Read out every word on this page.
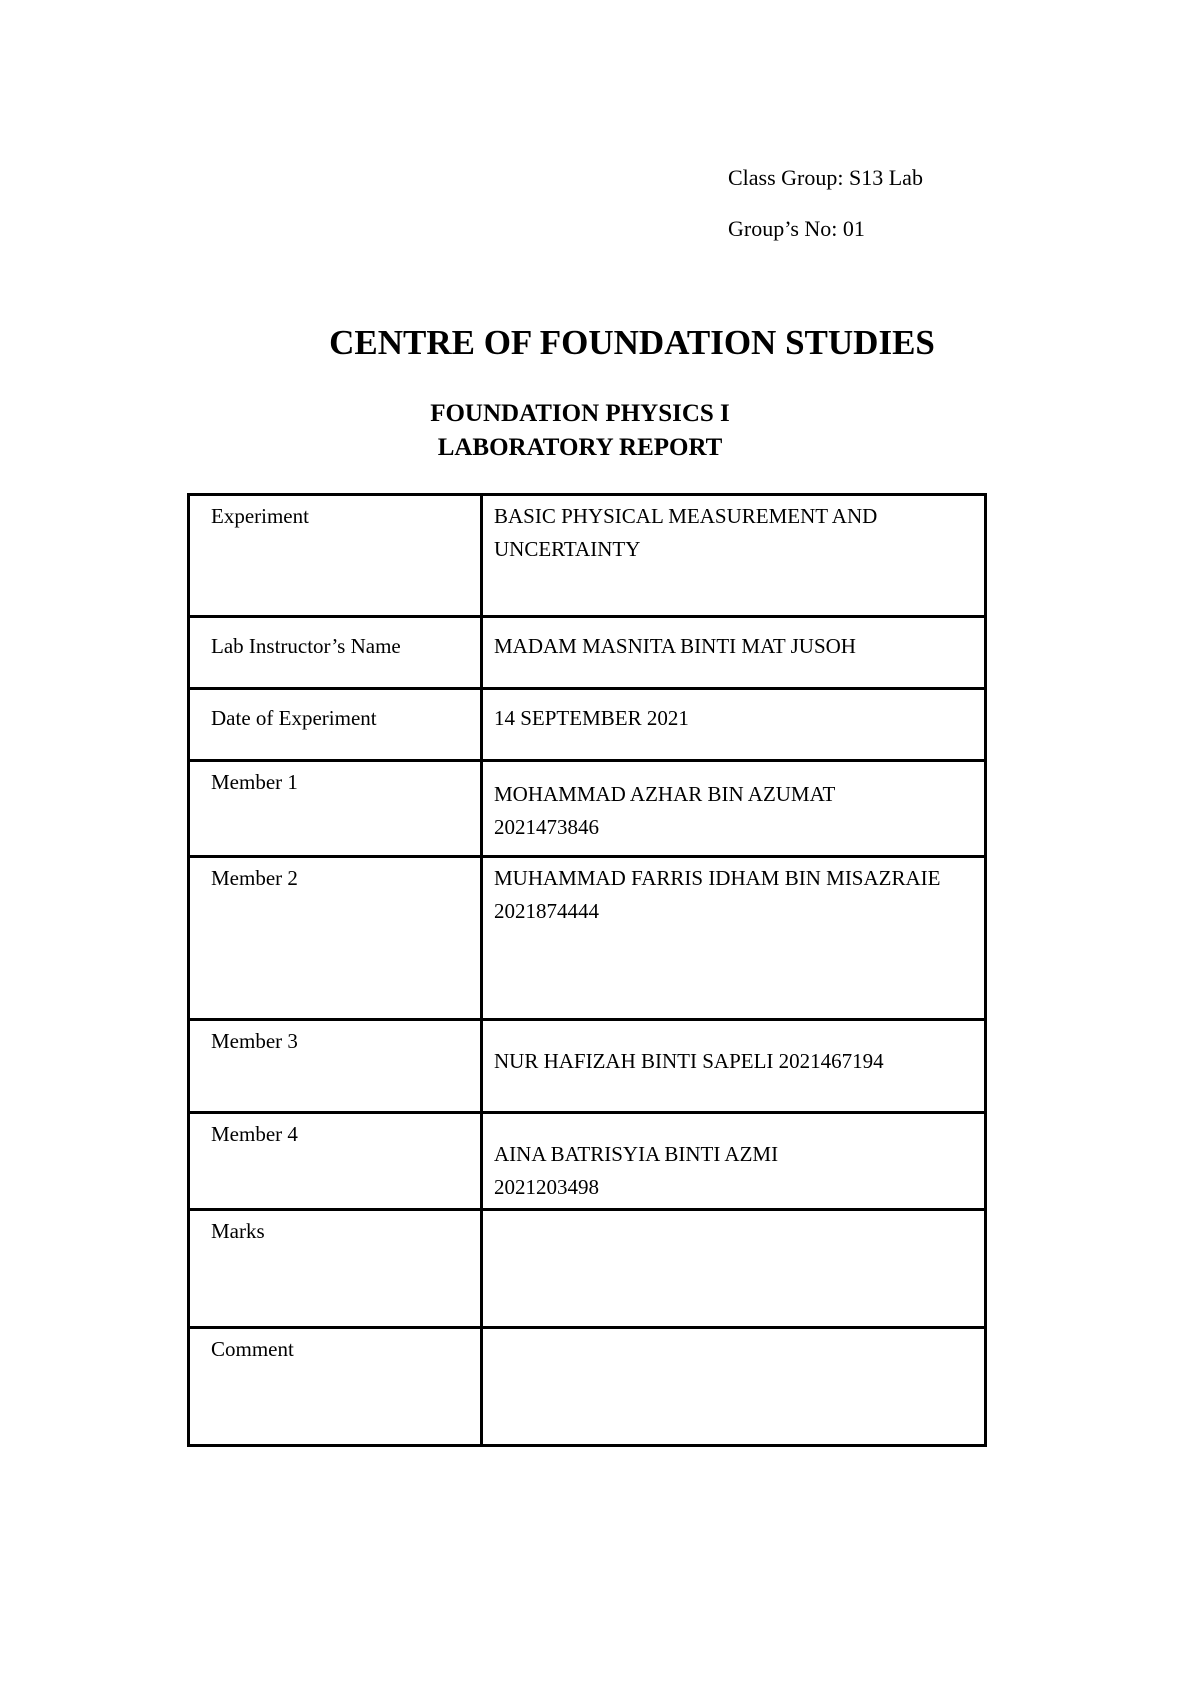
Class Group: S13 Lab
Group’s No: 01
CENTRE OF FOUNDATION STUDIES
FOUNDATION PHYSICS I
LABORATORY REPORT
Experiment	BASIC PHYSICAL MEASUREMENT AND UNCERTAINTY
Lab Instructor’s Name	MADAM MASNITA BINTI MAT JUSOH
Date of Experiment	14 SEPTEMBER 2021
Member 1	MOHAMMAD AZHAR BIN AZUMAT
2021473846

Member 2	MUHAMMAD FARRIS IDHAM BIN MISAZRAIE
2021874444

Member 3	NUR HAFIZAH BINTI SAPELI 2021467194

Member 4	AINA BATRISYIA BINTI AZMI
2021203498

Marks	
Comment	
